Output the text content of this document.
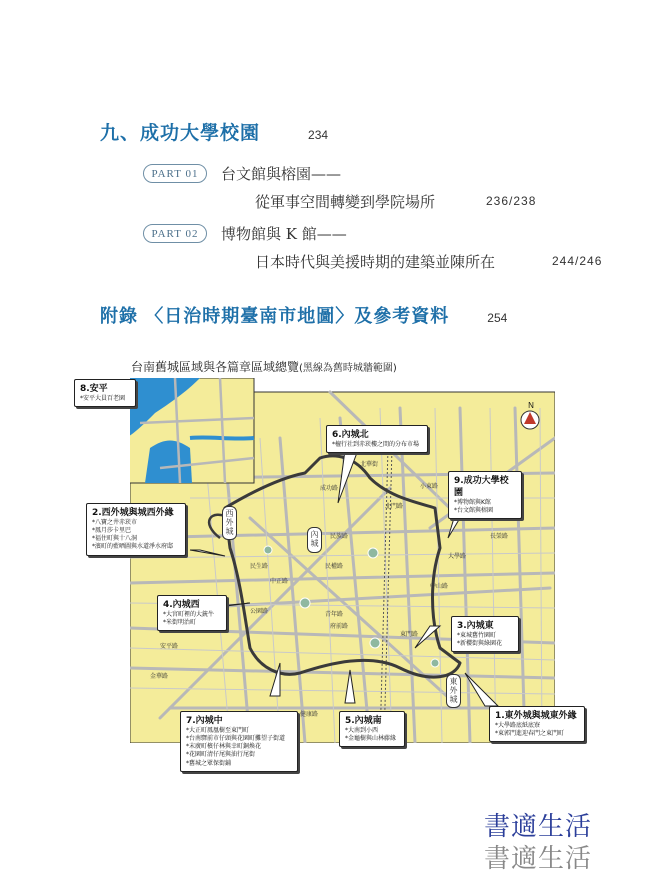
九、成功大學校園	234
PART 01	台文館與榕園——
從軍事空間轉變到學院場所	236/238
PART 02	博物館與 K 館——
日本時代與美援時期的建築並陳所在	244/246
附錄 〈日治時期臺南市地圖〉及參考資料	254
台南舊城區域與各篇章區域總覽(黑線為舊時城牆範圍)
N
成功路
中正路
民族路
民生路
中山路
府前路
大學路
東門路
北門路
公園路	青年路
安平路
健康路
金華路
小東路
北華街
民權路
長榮路
8.安平
*安平大員百老園
6.內城北
*檀行社到赤崁樓之間的分布市場
9.成功大學校園
*博物館與K館
*台文館與榕園
2.西外城與城西外緣
*八寶之井赤崁市
*鳳月莎卡里巴
*福住町與十八洞
*濱町的藍晒圖與水道淨水府邸
4.內城西
*大宮町裡的大銃牛
*米街明治町	3.內城東
*東城舊竹園町
*新櫻街與綠園花
7.內城中
*大正町鳳凰樹至東門町
*台南驛前市仔頭與花園町攤望子街道
*末廣町檳仔林與幸町銅煥花
*花園町清仔尾與油行尾街
*舊城之眾保街鋪
5.內城南
*大南到小西
*金龜樹與山林藤緣
1.東外城與城東外緣
*大學路底紙底寮
*東郭門進迎春門之東門町
西外城	內城
東外城
書適生活
書適生活
